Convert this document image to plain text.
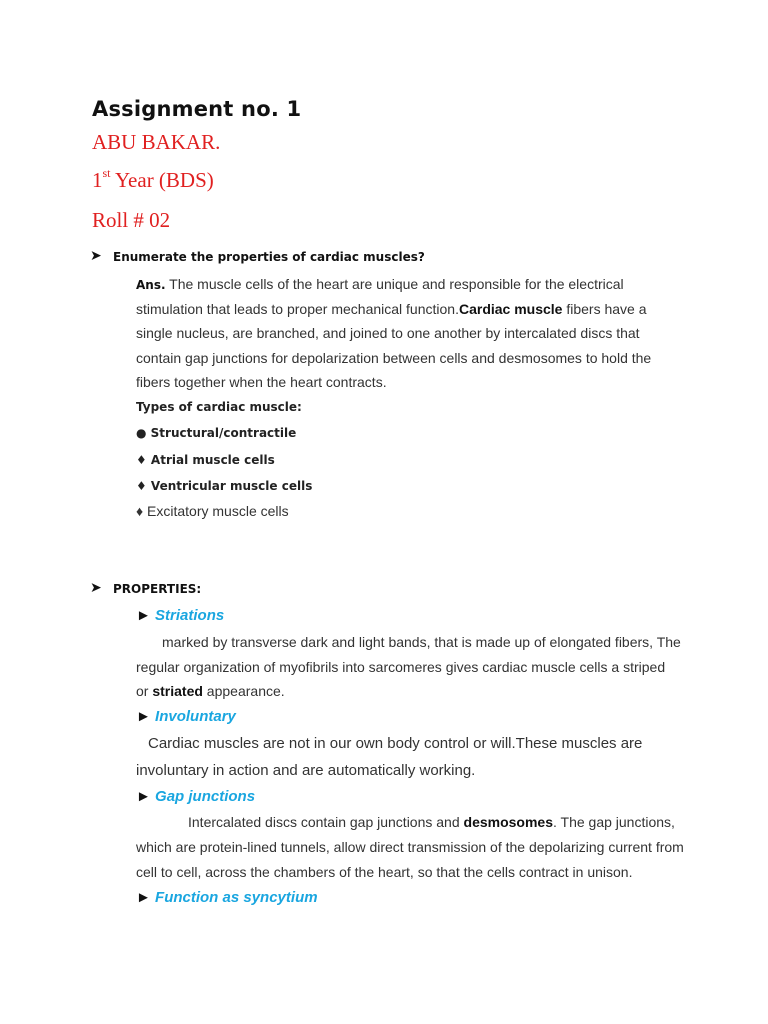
Assignment no. 1
ABU BAKAR.
1st Year (BDS)
Roll # 02
➤ Enumerate the properties of cardiac muscles?
Ans. The muscle cells of the heart are unique and responsible for the electrical
stimulation that leads to proper mechanical function.Cardiac muscle fibers have a
single nucleus, are branched, and joined to one another by intercalated discs that
contain gap junctions for depolarization between cells and desmosomes to hold the
fibers together when the heart contracts.
Types of cardiac muscle:
● Structural/contractile
♦ Atrial muscle cells
♦ Ventricular muscle cells
♦ Excitatory muscle cells
➤ PROPERTIES:
► Striations
marked by transverse dark and light bands, that is made up of elongated fibers, The
regular organization of myofibrils into sarcomeres gives cardiac muscle cells a striped
or striated appearance.
► Involuntary
Cardiac muscles are not in our own body control or will.These muscles are
involuntary in action and are automatically working.
► Gap junctions
Intercalated discs contain gap junctions and desmosomes. The gap junctions,
which are protein-lined tunnels, allow direct transmission of the depolarizing current from
cell to cell, across the chambers of the heart, so that the cells contract in unison.
► Function as syncytium
